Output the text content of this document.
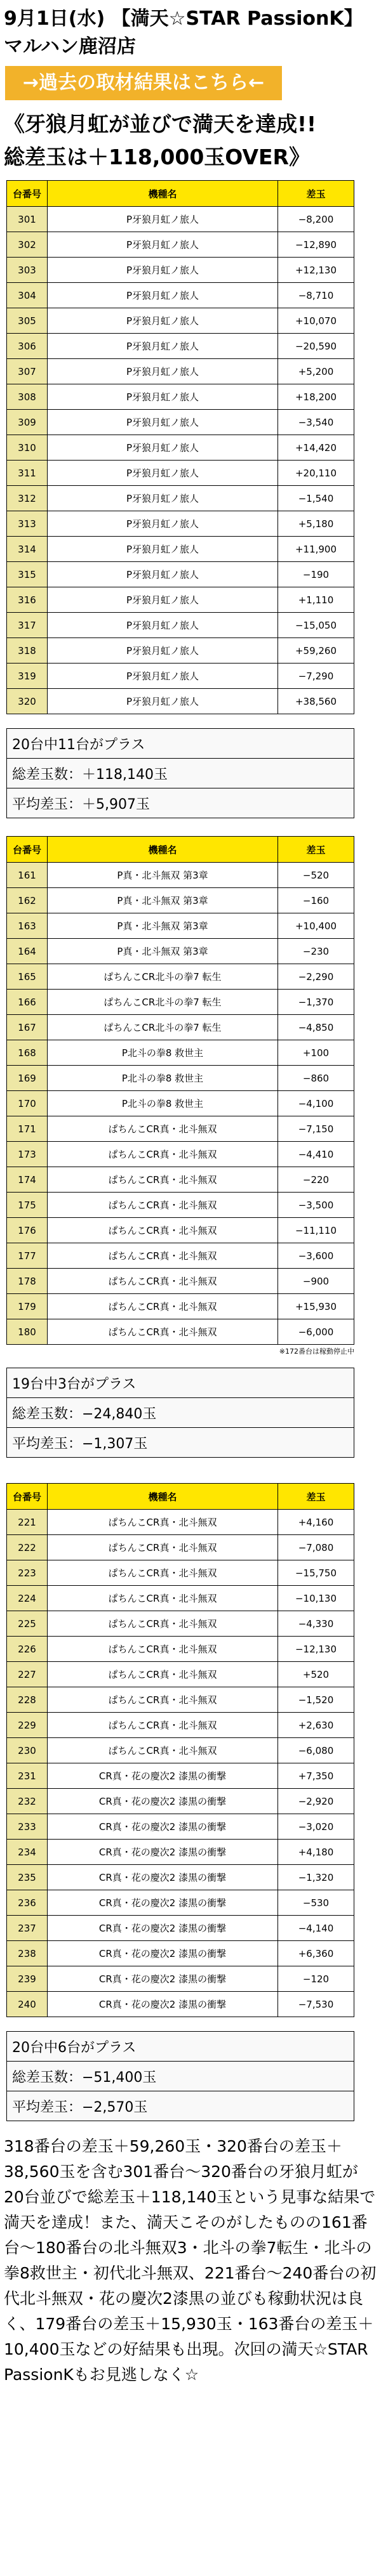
9月1日(水) 【満天☆STAR PassionK】
マルハン鹿沼店
→過去の取材結果はこちら←
《牙狼月虹が並びで満天を達成!!
総差玉は＋118,000玉OVER》
台番号	機種名	差玉
301	P牙狼月虹ノ旅人	−8,200
302	P牙狼月虹ノ旅人	−12,890
303	P牙狼月虹ノ旅人	+12,130
304	P牙狼月虹ノ旅人	−8,710
305	P牙狼月虹ノ旅人	+10,070
306	P牙狼月虹ノ旅人	−20,590
307	P牙狼月虹ノ旅人	+5,200
308	P牙狼月虹ノ旅人	+18,200
309	P牙狼月虹ノ旅人	−3,540
310	P牙狼月虹ノ旅人	+14,420
311	P牙狼月虹ノ旅人	+20,110
312	P牙狼月虹ノ旅人	−1,540
313	P牙狼月虹ノ旅人	+5,180
314	P牙狼月虹ノ旅人	+11,900
315	P牙狼月虹ノ旅人	−190
316	P牙狼月虹ノ旅人	+1,110
317	P牙狼月虹ノ旅人	−15,050
318	P牙狼月虹ノ旅人	+59,260
319	P牙狼月虹ノ旅人	−7,290
320	P牙狼月虹ノ旅人	+38,560
20台中11台がプラス
総差玉数：＋118,140玉
平均差玉：＋5,907玉
台番号	機種名	差玉
161	P真・北斗無双 第3章	−520
162	P真・北斗無双 第3章	−160
163	P真・北斗無双 第3章	+10,400
164	P真・北斗無双 第3章	−230
165	ぱちんこCR北斗の拳7 転生	−2,290
166	ぱちんこCR北斗の拳7 転生	−1,370
167	ぱちんこCR北斗の拳7 転生	−4,850
168	P北斗の拳8 救世主	+100
169	P北斗の拳8 救世主	−860
170	P北斗の拳8 救世主	−4,100
171	ぱちんこCR真・北斗無双	−7,150
173	ぱちんこCR真・北斗無双	−4,410
174	ぱちんこCR真・北斗無双	−220
175	ぱちんこCR真・北斗無双	−3,500
176	ぱちんこCR真・北斗無双	−11,110
177	ぱちんこCR真・北斗無双	−3,600
178	ぱちんこCR真・北斗無双	−900
179	ぱちんこCR真・北斗無双	+15,930
180	ぱちんこCR真・北斗無双	−6,000
※172番台は稼動停止中
19台中3台がプラス
総差玉数：−24,840玉
平均差玉：−1,307玉
台番号	機種名	差玉
221	ぱちんこCR真・北斗無双	+4,160
222	ぱちんこCR真・北斗無双	−7,080
223	ぱちんこCR真・北斗無双	−15,750
224	ぱちんこCR真・北斗無双	−10,130
225	ぱちんこCR真・北斗無双	−4,330
226	ぱちんこCR真・北斗無双	−12,130
227	ぱちんこCR真・北斗無双	+520
228	ぱちんこCR真・北斗無双	−1,520
229	ぱちんこCR真・北斗無双	+2,630
230	ぱちんこCR真・北斗無双	−6,080
231	CR真・花の慶次2 漆黒の衝撃	+7,350
232	CR真・花の慶次2 漆黒の衝撃	−2,920
233	CR真・花の慶次2 漆黒の衝撃	−3,020
234	CR真・花の慶次2 漆黒の衝撃	+4,180
235	CR真・花の慶次2 漆黒の衝撃	−1,320
236	CR真・花の慶次2 漆黒の衝撃	−530
237	CR真・花の慶次2 漆黒の衝撃	−4,140
238	CR真・花の慶次2 漆黒の衝撃	+6,360
239	CR真・花の慶次2 漆黒の衝撃	−120
240	CR真・花の慶次2 漆黒の衝撃	−7,530
20台中6台がプラス
総差玉数：−51,400玉
平均差玉：−2,570玉
318番台の差玉＋59,260玉・320番台の差玉＋38,560玉を含む301番台〜320番台の牙狼月虹が20台並びで総差玉＋118,140玉という見事な結果で満天を達成！また、満天こそのがしたものの161番台〜180番台の北斗無双3・北斗の拳7転生・北斗の拳8救世主・初代北斗無双、221番台〜240番台の初代北斗無双・花の慶次2漆黒の並びも稼動状況は良く、179番台の差玉＋15,930玉・163番台の差玉＋10,400玉などの好結果も出現。次回の満天☆STAR PassionKもお見逃しなく☆
